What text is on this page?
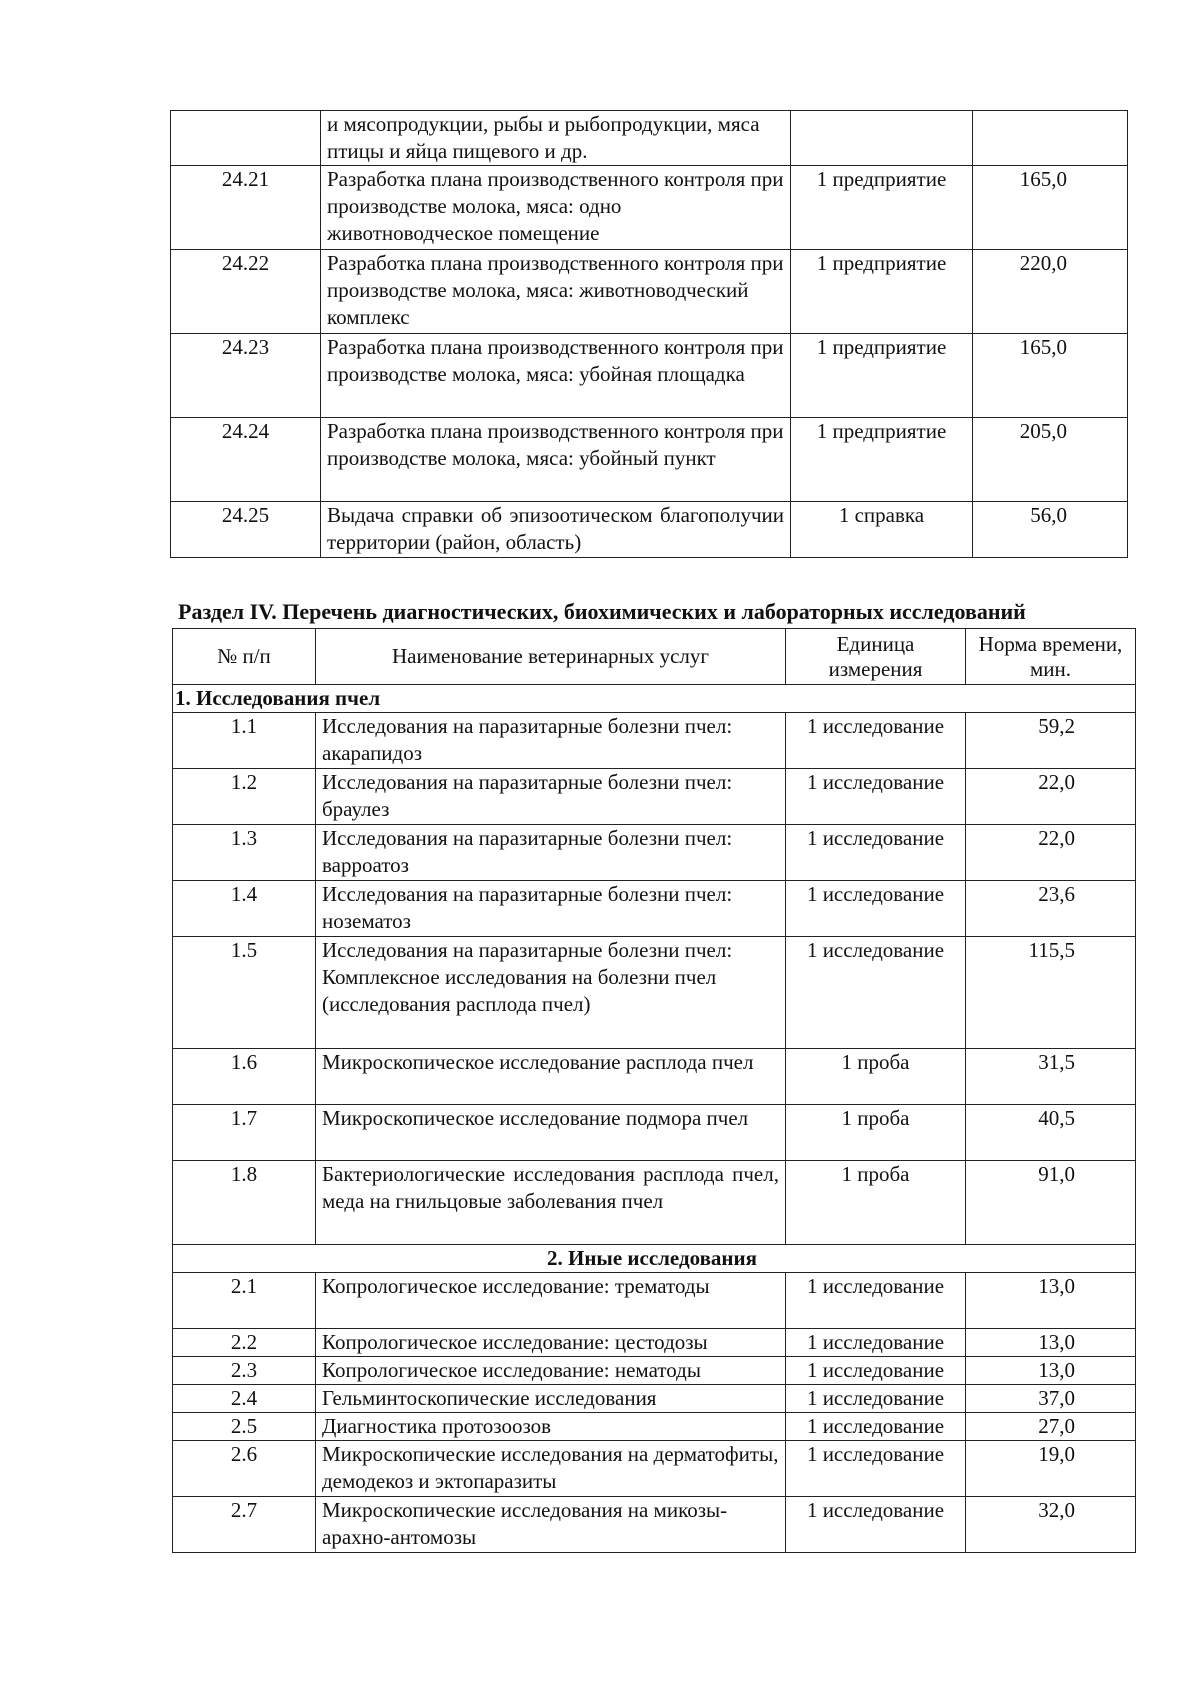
	и мясопродукции, рыбы и рыбопродукции, мяса птицы и яйца пищевого и др.		
24.21	Разработка плана производственного контроля при производстве молока, мяса: одно животноводческое помещение	1 предприятие	165,0
24.22	Разработка плана производственного контроля при производстве молока, мяса: животноводческий комплекс	1 предприятие	220,0
24.23	Разработка плана производственного контроля при производстве молока, мяса: убойная площадка	1 предприятие	165,0
24.24	Разработка плана производственного контроля при производстве молока, мяса: убойный пункт	1 предприятие	205,0
24.25	Выдача справки об эпизоотическом благополучии территории (район, область)	1 справка	56,0
Раздел IV. Перечень диагностических, биохимических и лабораторных исследований
№ п/п	Наименование ветеринарных услуг	Единица измерения	Норма времени, мин.
1. Исследования пчел			
1.1	Исследования на паразитарные болезни пчел: акарапидоз	1 исследование	59,2
1.2	Исследования на паразитарные болезни пчел: браулез	1 исследование	22,0
1.3	Исследования на паразитарные болезни пчел: варроатоз	1 исследование	22,0
1.4	Исследования на паразитарные болезни пчел: нозематоз	1 исследование	23,6
1.5	Исследования на паразитарные болезни пчел: Комплексное исследования на болезни пчел (исследования расплода пчел)	1 исследование	115,5
1.6	Микроскопическое исследование расплода пчел	1 проба	31,5
1.7	Микроскопическое исследование подмора пчел	1 проба	40,5
1.8	Бактериологические исследования расплода пчел, меда на гнильцовые заболевания пчел	1 проба	91,0
2. Иные исследования			
2.1	Копрологическое исследование: трематоды	1 исследование	13,0
2.2	Копрологическое исследование: цестодозы	1 исследование	13,0
2.3	Копрологическое исследование: нематоды	1 исследование	13,0
2.4	Гельминтоскопические исследования	1 исследование	37,0
2.5	Диагностика протозоозов	1 исследование	27,0
2.6	Микроскопические исследования на дерматофиты, демодекоз и эктопаразиты	1 исследование	19,0
2.7	Микроскопические исследования на микозы-арахно-антомозы	1 исследование	32,0
